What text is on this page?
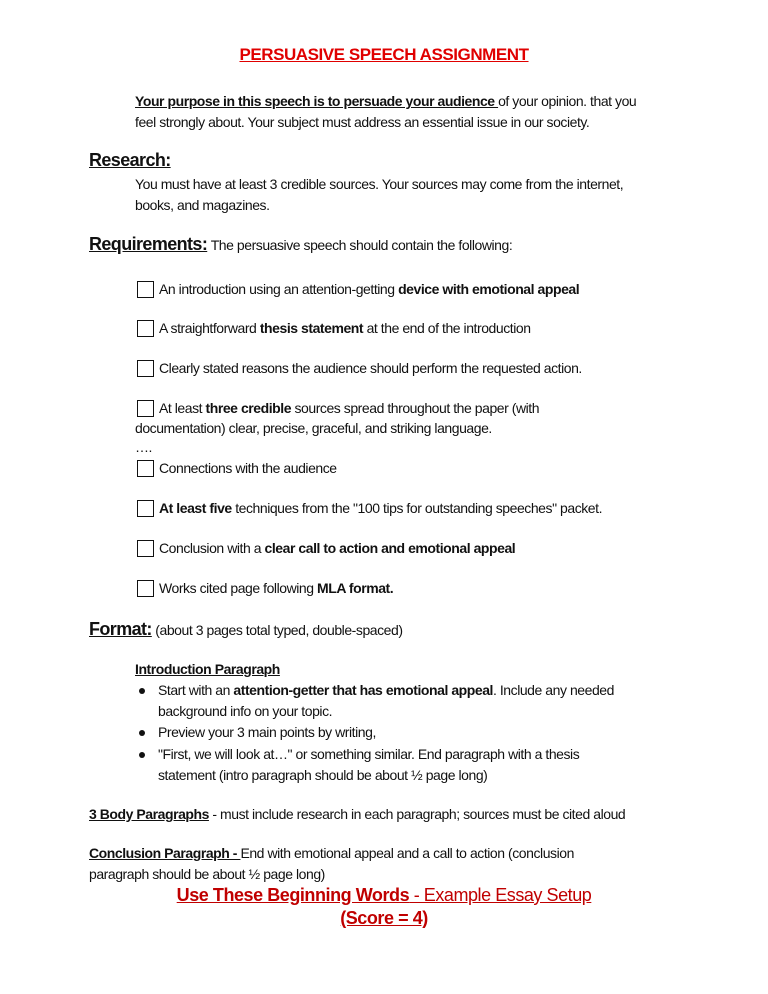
PERSUASIVE SPEECH ASSIGNMENT
Your purpose in this speech is to persuade your audience of your opinion. that you
feel strongly about. Your subject must address an essential issue in our society.
Research:
You must have at least 3 credible sources. Your sources may come from the internet,
books, and magazines.
Requirements: The persuasive speech should contain the following:
An introduction using an attention-getting device with emotional appeal
A straightforward thesis statement at the end of the introduction
Clearly stated reasons the audience should perform the requested action.
At least three credible sources spread throughout the paper (with
Connections with the audience
At least five techniques from the "100 tips for outstanding speeches" packet.
Conclusion with a clear call to action and emotional appeal
Works cited page following MLA format.
documentation) clear, precise, graceful, and striking language.
….
Format: (about 3 pages total typed, double-spaced)
Introduction Paragraph
Start with an attention-getter that has emotional appeal. Include any needed
background info on your topic.
Preview your 3 main points by writing,
"First, we will look at…" or something similar. End paragraph with a thesis
statement (intro paragraph should be about ½ page long)
3 Body Paragraphs - must include research in each paragraph; sources must be cited aloud
Conclusion Paragraph - End with emotional appeal and a call to action (conclusion
paragraph should be about ½ page long)
Use These Beginning Words - Example Essay Setup
(Score = 4)
